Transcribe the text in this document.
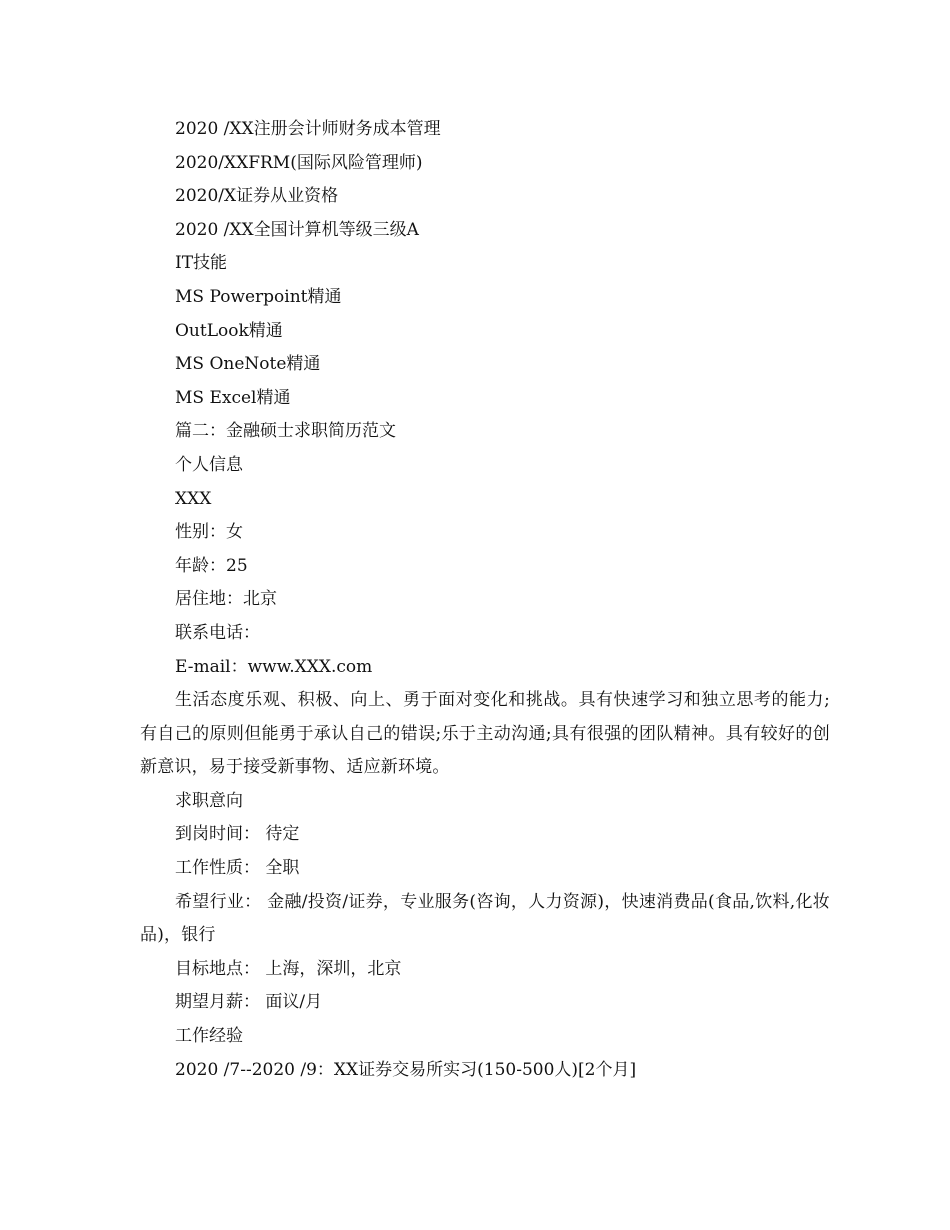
2020 /XX注册会计师财务成本管理

2020/XXFRM(国际风险管理师)

2020/X证券从业资格

2020 /XX全国计算机等级三级A

IT技能

MS Powerpoint精通

OutLook精通

MS OneNote精通

MS Excel精通

篇二：金融硕士求职简历范文

个人信息

XXX

性别：女

年龄：25

居住地：北京

联系电话：

E-mail：www.XXX.com

生活态度乐观、积极、向上、勇于面对变化和挑战。具有快速学习和独立思考的能力;有自己的原则但能勇于承认自己的错误;乐于主动沟通;具有很强的团队精神。具有较好的创新意识，易于接受新事物、适应新环境。

求职意向

到岗时间： 待定

工作性质： 全职

希望行业： 金融/投资/证券，专业服务(咨询，人力资源)，快速消费品(食品,饮料,化妆品)，银行

目标地点： 上海，深圳，北京

期望月薪： 面议/月

工作经验

2020 /7--2020 /9：XX证券交易所实习(150-500人)[2个月]
